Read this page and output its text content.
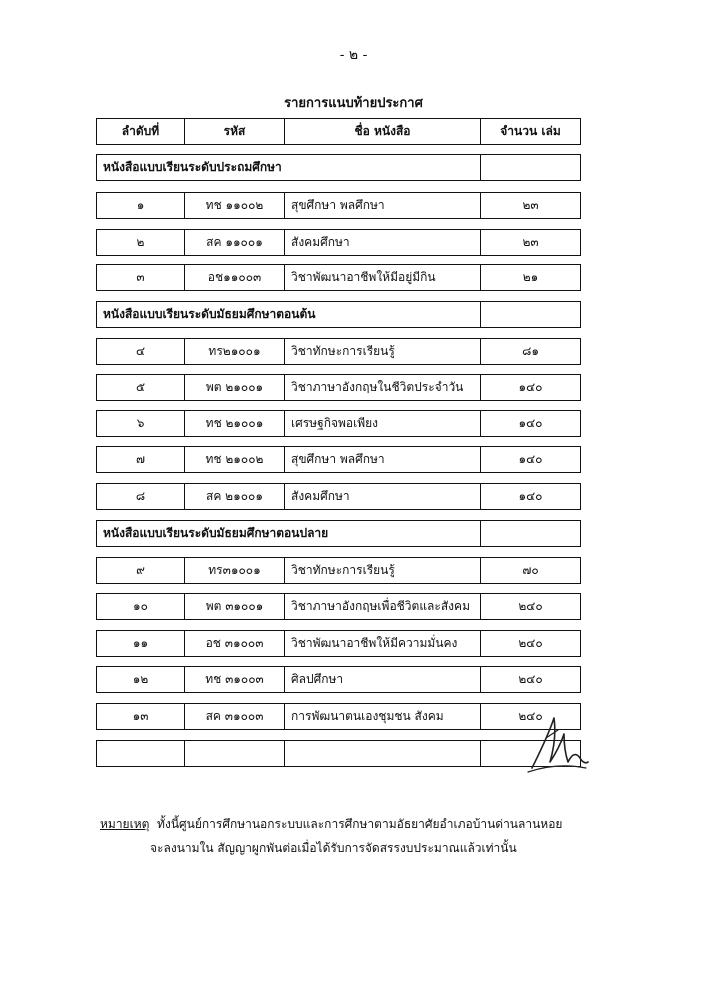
- ๒ -
รายการแนบท้ายประกาศ
ลำดับที่	รหัส	ชื่อ หนังสือ	จำนวน เล่ม
หนังสือแบบเรียนระดับประถมศึกษา
๑	ทช ๑๑๐๐๒	สุขศึกษา พลศึกษา	๒๓
๒	สค ๑๑๐๐๑	สังคมศึกษา	๒๓
๓	อช๑๑๐๐๓	วิชาพัฒนาอาชีพให้มีอยู่มีกิน	๒๑
หนังสือแบบเรียนระดับมัธยมศึกษาตอนต้น
๔	ทร๒๑๐๐๑	วิชาทักษะการเรียนรู้	๘๑
๕	พต ๒๑๐๐๑	วิชาภาษาอังกฤษในชีวิตประจำวัน	๑๔๐
๖	ทช ๒๑๐๐๑	เศรษฐกิจพอเพียง	๑๔๐
๗	ทช ๒๑๐๐๒	สุขศึกษา พลศึกษา	๑๔๐
๘	สค ๒๑๐๐๑	สังคมศึกษา	๑๔๐
หนังสือแบบเรียนระดับมัธยมศึกษาตอนปลาย
๙	ทร๓๑๐๐๑	วิชาทักษะการเรียนรู้	๗๐
๑๐	พต ๓๑๐๐๑	วิชาภาษาอังกฤษเพื่อชีวิตและสังคม	๒๔๐
๑๑	อช ๓๑๐๐๓	วิชาพัฒนาอาชีพให้มีความมั่นคง	๒๔๐
๑๒	ทช ๓๑๐๐๓	ศิลปศึกษา	๒๔๐
๑๓	สค ๓๑๐๐๓	การพัฒนาตนเองชุมชน สังคม	๒๔๐
หมายเหตุ ทั้งนี้ศูนย์การศึกษานอกระบบและการศึกษาตามอัธยาศัยอำเภอบ้านด่านลานหอย
จะลงนามใน สัญญาผูกพันต่อเมื่อได้รับการจัดสรรงบประมาณแล้วเท่านั้น
